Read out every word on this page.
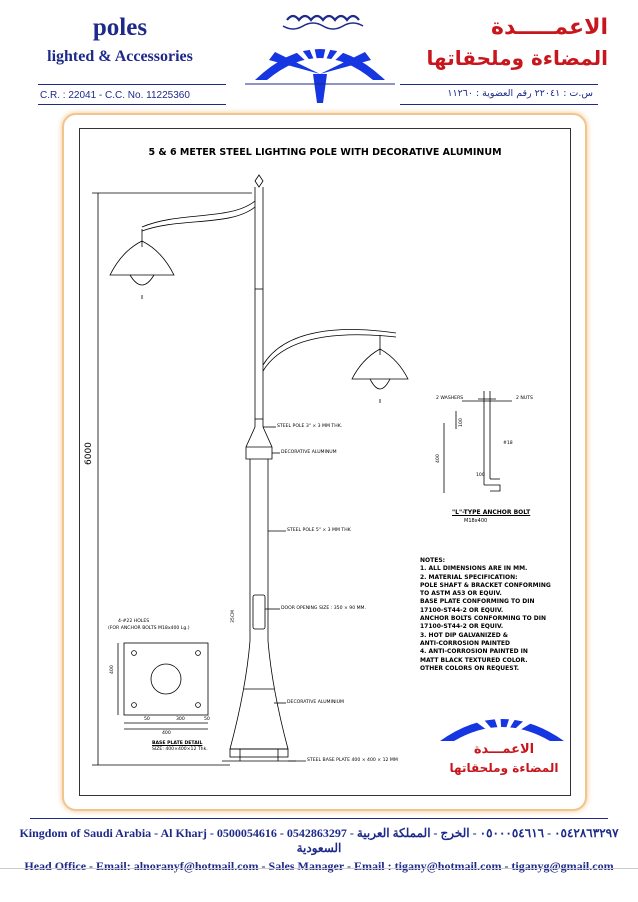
poles
lighted & Accessories
C.R. : 22041 - C.C. No. 11225360
الاعمـــــدة
المضاءة وملحقاتها
س.ت : ٢٢٠٤١ رقم العضوية : ١١٢٦٠
5 & 6 METER STEEL LIGHTING POLE WITH DECORATIVE ALUMINUM
6000
STEEL POLE 3" × 3 MM THK.
DECORATIVE ALUMINUM
STEEL POLE 5" × 3 MM THK
DOOR OPENING SIZE : 350 × 90 MM.
35CM
DECORATIVE ALUMINIUM
STEEL BASE PLATE 400 × 400 × 12 MM
4-#22 HOLES
(FOR ANCHOR BOLTS M18x400 Lg.)
300
400
400
50	50
BASE PLATE DETAIL
SIZE: 400×400×12 Thk.
2 WASHERS	2 NUTS
100
400
#18
100
"L"-TYPE ANCHOR BOLT
M18x400
NOTES:
1. ALL DIMENSIONS ARE IN MM.
2. MATERIAL SPECIFICATION:
POLE SHAFT & BRACKET CONFORMING
TO ASTM A53 OR EQUIV.
BASE PLATE CONFORMING TO DIN
17100-ST44-2 OR EQUIV.
ANCHOR BOLTS CONFORMING TO DIN
17100-ST44-2 OR EQUIV.
3. HOT DIP GALVANIZED &
ANTI-CORROSION PAINTED
4. ANTI-CORROSION PAINTED IN
MATT BLACK TEXTURED COLOR.
OTHER COLORS ON REQUEST.
الاعمـــدة
المضاءة وملحقاتها
Kingdom of Saudi Arabia - Al Kharj - 0500054616 - 0542863297 - ٠٥٤٢٨٦٣٢٩٧ - ٠٥٠٠٠٥٤٦١٦ - الخرج - المملكة العربية السعودية
Head Office - Email: alnoranyf@hotmail.com - Sales Manager - Email : tigany@hotmail.com - tiganyg@gmail.com
